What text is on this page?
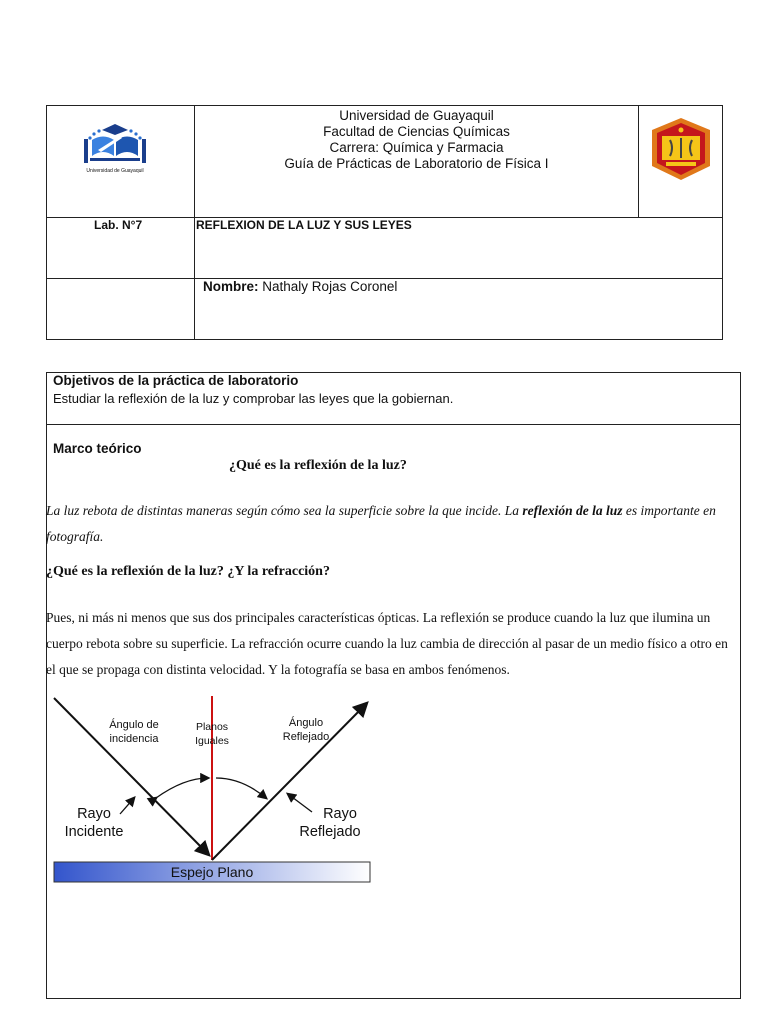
Universidad de Guayaquil
Universidad de Guayaquil
Facultad de Ciencias Químicas
Carrera: Química y Farmacia
Guía de Prácticas de Laboratorio de Física I
Lab. N°7	REFLEXION DE LA LUZ Y SUS LEYES
Nombre: Nathaly Rojas Coronel
Objetivos de la práctica de laboratorio
Estudiar la reflexión de la luz y comprobar las leyes que la gobiernan.
Marco teórico
¿Qué es la reflexión de la luz?
La luz rebota de distintas maneras según cómo sea la superficie sobre la que incide. La reflexión de la luz es importante en fotografía.
¿Qué es la reflexión de la luz? ¿Y la refracción?
Pues, ni más ni menos que sus dos principales características ópticas. La reflexión se produce cuando la luz que ilumina un cuerpo rebota sobre su superficie. La refracción ocurre cuando la luz cambia de dirección al pasar de un medio físico a otro en el que se propaga con distinta velocidad. Y la fotografía se basa en ambos fenómenos.
Ángulo de
incidencia
Planos
Iguales
Ángulo
Reflejado
Rayo
Incidente
Rayo
Reflejado
Espejo Plano
